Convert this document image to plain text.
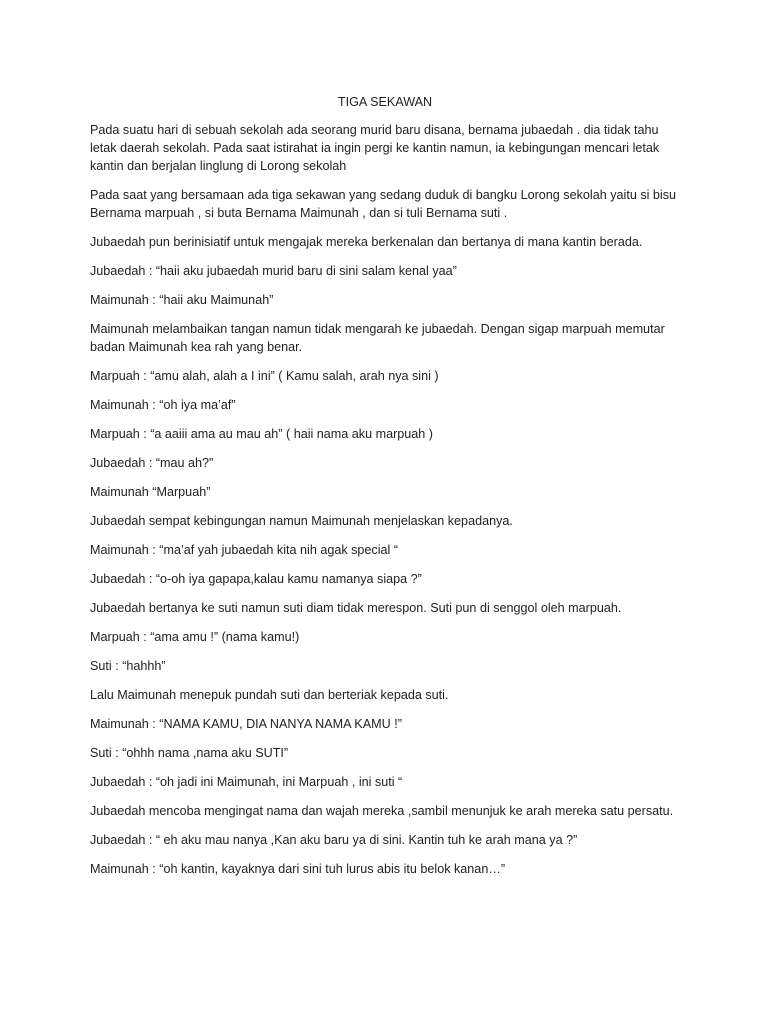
TIGA SEKAWAN

Pada suatu hari di sebuah sekolah ada seorang murid baru disana, bernama jubaedah . dia tidak tahu letak daerah sekolah. Pada saat istirahat ia ingin pergi ke kantin namun, ia kebingungan mencari letak kantin dan berjalan linglung di Lorong sekolah

Pada saat yang bersamaan ada tiga sekawan yang sedang duduk di bangku Lorong sekolah yaitu si bisu Bernama marpuah , si buta Bernama Maimunah , dan si tuli Bernama suti .

Jubaedah pun berinisiatif untuk mengajak mereka berkenalan dan bertanya di mana kantin berada.

Jubaedah : “haii aku jubaedah murid baru di sini salam kenal yaa”

Maimunah : “haii aku Maimunah”

Maimunah melambaikan tangan namun tidak mengarah ke jubaedah. Dengan sigap marpuah memutar badan Maimunah kea rah yang benar.

Marpuah : “amu alah, alah a I ini” ( Kamu salah, arah nya sini )

Maimunah : “oh iya ma’af”

Marpuah : “a aaiii ama au mau ah” ( haii nama aku marpuah )

Jubaedah : “mau ah?”

Maimunah “Marpuah”

Jubaedah sempat kebingungan namun Maimunah menjelaskan kepadanya.

Maimunah : “ma’af yah jubaedah kita nih agak special “

Jubaedah : “o-oh iya gapapa,kalau kamu namanya siapa ?”

Jubaedah bertanya ke suti namun suti diam tidak merespon. Suti pun di senggol oleh marpuah.

Marpuah : “ama amu !” (nama kamu!)

Suti : “hahhh”

Lalu Maimunah menepuk pundah suti dan berteriak kepada suti.

Maimunah : “NAMA KAMU, DIA NANYA NAMA KAMU !”

Suti : “ohhh nama ,nama aku SUTI”

Jubaedah : “oh jadi ini Maimunah, ini Marpuah , ini suti “

Jubaedah mencoba mengingat nama dan wajah mereka ,sambil menunjuk ke arah mereka satu persatu.

Jubaedah : “ eh aku mau nanya ,Kan aku baru ya di sini. Kantin tuh ke arah mana ya ?”

Maimunah : “oh kantin, kayaknya dari sini tuh lurus abis itu belok kanan…”
